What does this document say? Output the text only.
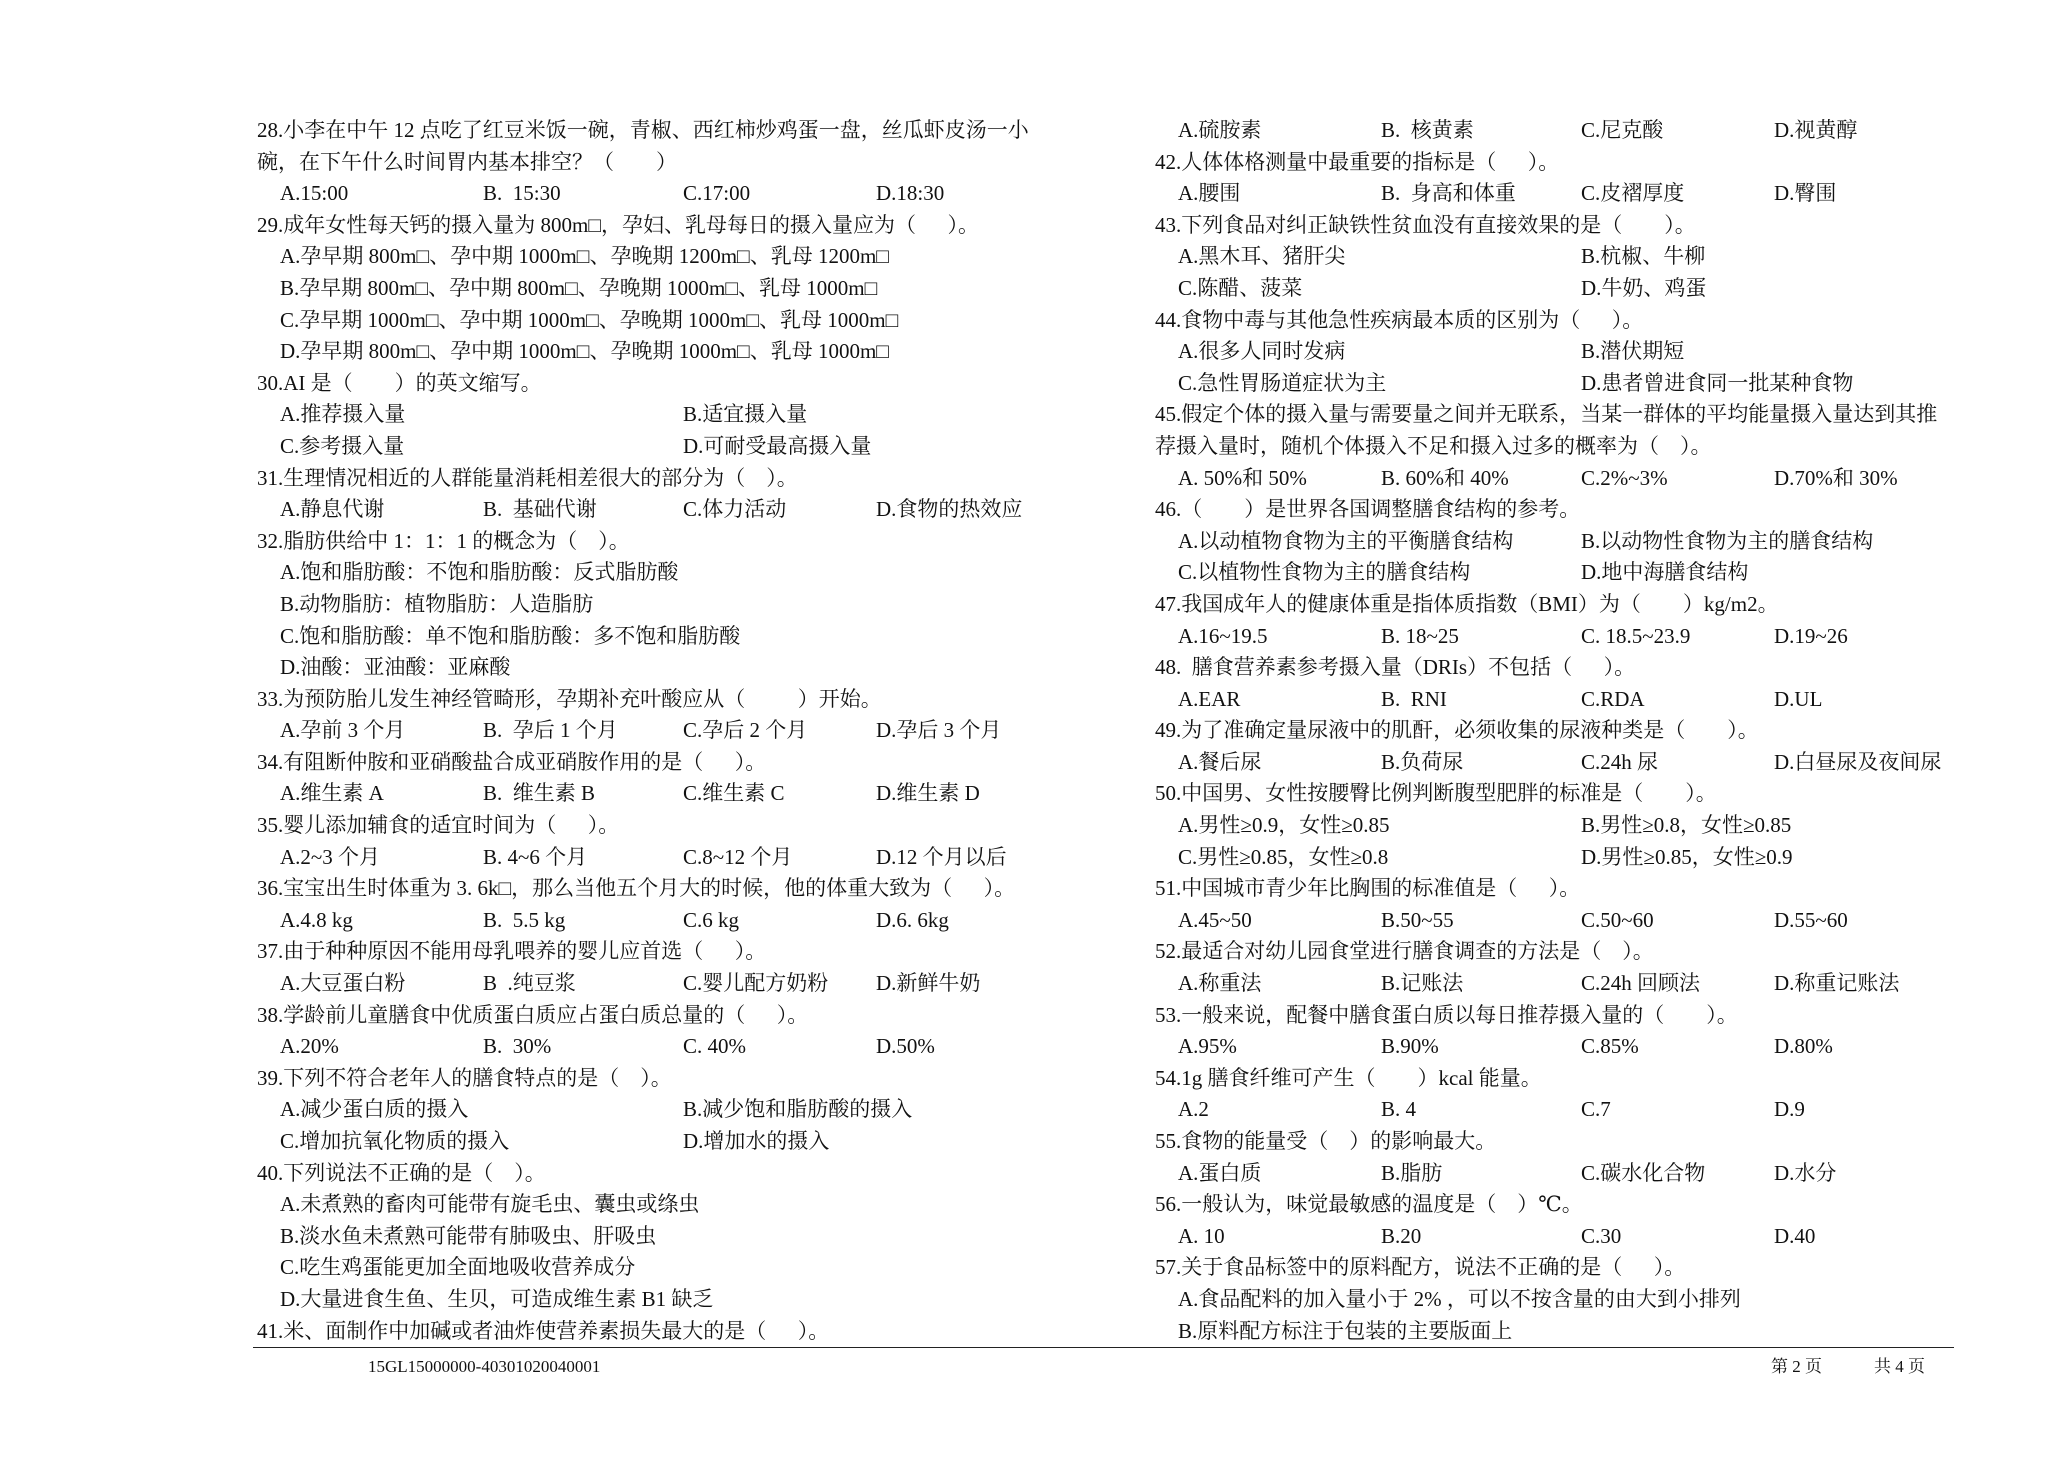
28.小李在中午 12 点吃了红豆米饭一碗，青椒、西红柿炒鸡蛋一盘，丝瓜虾皮汤一小
碗，在下午什么时间胃内基本排空？（        ）
A.15:00	B.  15:30	C.17:00	D.18:30
29.成年女性每天钙的摄入量为 800m□，孕妇、乳母每日的摄入量应为（      ）。
A.孕早期 800m□、孕中期 1000m□、孕晚期 1200m□、乳母 1200m□
B.孕早期 800m□、孕中期 800m□、孕晚期 1000m□、乳母 1000m□
C.孕早期 1000m□、孕中期 1000m□、孕晚期 1000m□、乳母 1000m□
D.孕早期 800m□、孕中期 1000m□、孕晚期 1000m□、乳母 1000m□
30.AI 是（        ）的英文缩写。
A.推荐摄入量	B.适宜摄入量
C.参考摄入量	D.可耐受最高摄入量
31.生理情况相近的人群能量消耗相差很大的部分为（    ）。
A.静息代谢	B.  基础代谢	C.体力活动	D.食物的热效应
32.脂肪供给中 1：1：1 的概念为（    ）。
A.饱和脂肪酸：不饱和脂肪酸：反式脂肪酸
B.动物脂肪：植物脂肪：人造脂肪
C.饱和脂肪酸：单不饱和脂肪酸：多不饱和脂肪酸
D.油酸：亚油酸：亚麻酸
33.为预防胎儿发生神经管畸形，孕期补充叶酸应从（          ）开始。
A.孕前 3 个月	B.  孕后 1 个月	C.孕后 2 个月	D.孕后 3 个月
34.有阻断仲胺和亚硝酸盐合成亚硝胺作用的是（      ）。
A.维生素 A	B.  维生素 B	C.维生素 C	D.维生素 D
35.婴儿添加辅食的适宜时间为（      ）。
A.2~3 个月	B. 4~6 个月	C.8~12 个月	D.12 个月以后
36.宝宝出生时体重为 3. 6k□，那么当他五个月大的时候，他的体重大致为（      ）。
A.4.8 kg	B.  5.5 kg	C.6 kg	D.6. 6kg
37.由于种种原因不能用母乳喂养的婴儿应首选（      ）。
A.大豆蛋白粉	B  .纯豆浆	C.婴儿配方奶粉 D.新鲜牛奶
38.学龄前儿童膳食中优质蛋白质应占蛋白质总量的（      ）。
A.20%	B.  30%	C. 40%	D.50%
39.下列不符合老年人的膳食特点的是（    ）。
A.减少蛋白质的摄入	B.减少饱和脂肪酸的摄入
C.增加抗氧化物质的摄入	D.增加水的摄入
40.下列说法不正确的是（    ）。
A.未煮熟的畜肉可能带有旋毛虫、囊虫或绦虫
B.淡水鱼未煮熟可能带有肺吸虫、肝吸虫
C.吃生鸡蛋能更加全面地吸收营养成分
D.大量进食生鱼、生贝，可造成维生素 B1 缺乏
41.米、面制作中加碱或者油炸使营养素损失最大的是（      ）。
A.硫胺素	B.  核黄素	C.尼克酸	D.视黄醇
42.人体体格测量中最重要的指标是（      ）。
A.腰围	B.  身高和体重	C.皮褶厚度	D.臀围
43.下列食品对纠正缺铁性贫血没有直接效果的是（        ）。
A.黑木耳、猪肝尖	B.杭椒、牛柳
C.陈醋、菠菜	D.牛奶、鸡蛋
44.食物中毒与其他急性疾病最本质的区别为（      ）。
A.很多人同时发病	B.潜伏期短
C.急性胃肠道症状为主	D.患者曾进食同一批某种食物
45.假定个体的摄入量与需要量之间并无联系，当某一群体的平均能量摄入量达到其推
荐摄入量时，随机个体摄入不足和摄入过多的概率为（    ）。
A. 50%和 50%	B. 60%和 40%	C.2%~3%	D.70%和 30%
46.（        ）是世界各国调整膳食结构的参考。
A.以动植物食物为主的平衡膳食结构	B.以动物性食物为主的膳食结构
C.以植物性食物为主的膳食结构	D.地中海膳食结构
47.我国成年人的健康体重是指体质指数（BMI）为（        ）kg/m2。
A.16~19.5	B. 18~25	C. 18.5~23.9	D.19~26
48.  膳食营养素参考摄入量（DRIs）不包括（      ）。
A.EAR	B.  RNI	C.RDA	D.UL
49.为了准确定量尿液中的肌酐，必须收集的尿液种类是（        ）。
A.餐后尿	B.负荷尿	C.24h 尿	D.白昼尿及夜间尿
50.中国男、女性按腰臀比例判断腹型肥胖的标准是（        ）。
A.男性≥0.9，女性≥0.85	B.男性≥0.8，女性≥0.85
C.男性≥0.85，女性≥0.8	D.男性≥0.85，女性≥0.9
51.中国城市青少年比胸围的标准值是（      ）。
A.45~50	B.50~55	C.50~60	D.55~60
52.最适合对幼儿园食堂进行膳食调查的方法是（    ）。
A.称重法	B.记账法	C.24h 回顾法	D.称重记账法
53.一般来说，配餐中膳食蛋白质以每日推荐摄入量的（        ）。
A.95%	B.90%	C.85%	D.80%
54.1g 膳食纤维可产生（        ）kcal 能量。
A.2	B. 4	C.7	D.9
55.食物的能量受（    ）的影响最大。
A.蛋白质	B.脂肪	C.碳水化合物	D.水分
56.一般认为，味觉最敏感的温度是（    ）℃。
A. 10	B.20	C.30	D.40
57.关于食品标签中的原料配方，说法不正确的是（      ）。
A.食品配料的加入量小于 2% ，可以不按含量的由大到小排列
B.原料配方标注于包装的主要版面上
15GL15000000-40301020040001	第 2 页	共 4 页
